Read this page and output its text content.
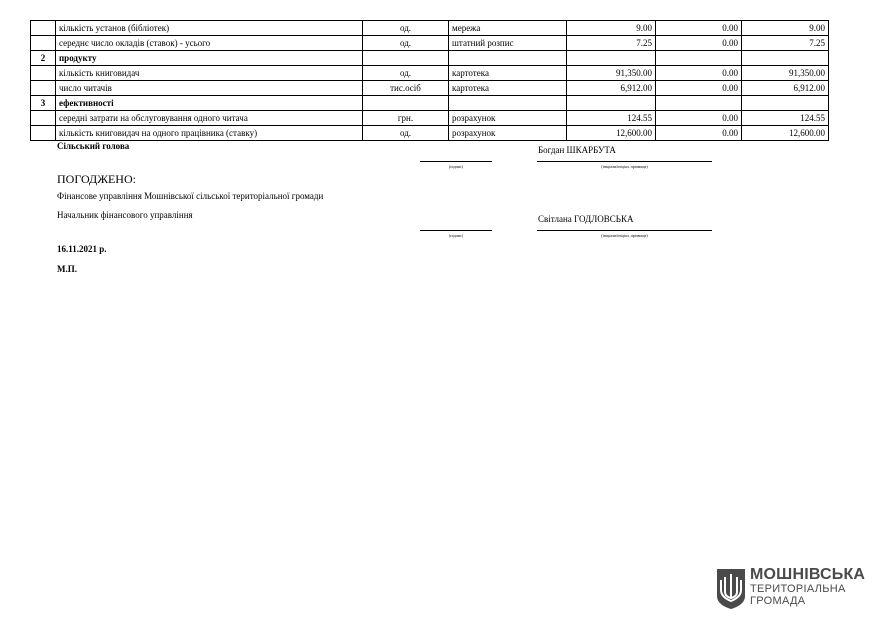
	кількість установ (бібліотек)	од.	мережа	9.00	0.00	9.00
	середнє число окладів (ставок) - усього	од.	штатний розпис	7.25	0.00	7.25
2	продукту					
	кількість книговидач	од.	картотека	91,350.00	0.00	91,350.00
	число читачів	тис.осіб	картотека	6,912.00	0.00	6,912.00
3	ефективності					
	середні затрати на обслуговування одного читача	грн.	розрахунок	124.55	0.00	124.55
	кількість книговидач на одного працівника (ставку)	од.	розрахунок	12,600.00	0.00	12,600.00
Сільський голова
(підпис)
Богдан ШКАРБУТА
(ініціали/ініціал, прізвище)
ПОГОДЖЕНО:
Фінансове управління Мошнівської сільської територіальної громади
Начальник фінансового управління
(підпис)
Світлана ГОДЛОВСЬКА
(ініціали/ініціал, прізвище)
16.11.2021 р.
М.П.
МОШНІВСЬКА
ТЕРИТОРІАЛЬНА
ГРОМАДА
